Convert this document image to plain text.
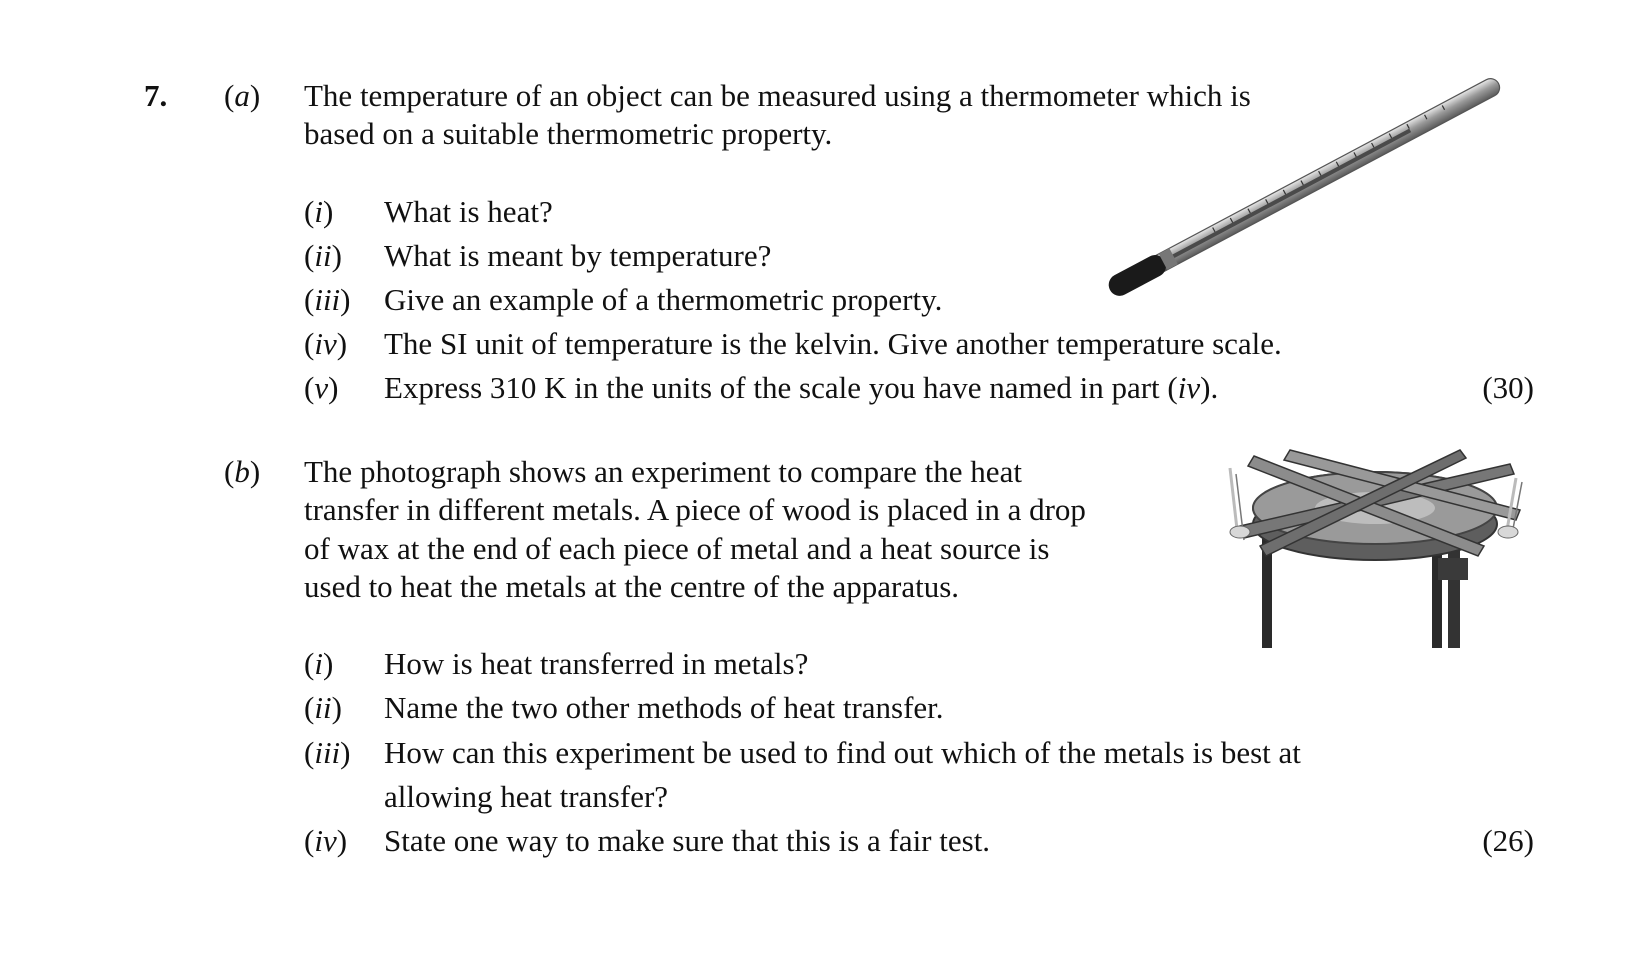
7. (a) The temperature of an object can be measured using a thermometer which is
based on a suitable thermometric property.
(i) What is heat?
(ii) What is meant by temperature?
(iii) Give an example of a thermometric property.
(iv) The SI unit of temperature is the kelvin. Give another temperature scale.
(v) Express 310 K in the units of the scale you have named in part (iv).	(30)
(b) The photograph shows an experiment to compare the heat
transfer in different metals. A piece of wood is placed in a drop
of wax at the end of each piece of metal and a heat source is
used to heat the metals at the centre of the apparatus.
(i) How is heat transferred in metals?
(ii) Name the two other methods of heat transfer.
(iii) How can this experiment be used to find out which of the metals is best at
allowing heat transfer?
(iv) State one way to make sure that this is a fair test.	(26)
